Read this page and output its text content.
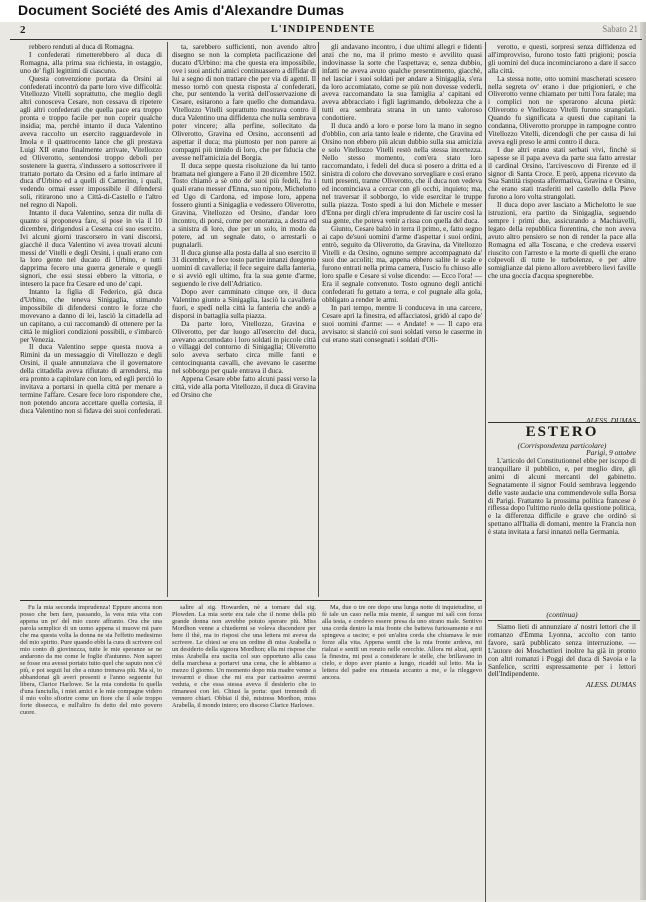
Document Société des Amis d'Alexandre Dumas
2	L'INDIPENDENTE	Sabato 21

rebbero renduti al duca di Romagna.

I confederati rimetterebbero al duca di Romagna, alla prima sua richiesta, in ostaggio, uno de' figli legittimi di ciascuno.

Questa convenzione portata da Orsini ai confederati incontrò da parte loro vive difficoltà: Vitellozzo Vitelli soprattutto, che meglio degli altri conosceva Cesare, non cessava di ripetere agli altri confederati che quella pace era troppo pronta e troppo facile per non coprir qualche insidia; ma, perchè intanto il duca Valentino aveva raccolto un esercito ragguardevole in Imola e il quattrocento lance che gli prestava Luigi XII erano finalmente arrivate, Vitellozzo ed Oliverotto, sentendosi troppo deboli per sostenere la guerra, s'indussero a sottoscrivere il trattato portato da Orsino ed a farlo intimare al duca d'Urbino ed a quelli di Camerino, i quali, vedendo ormai esser impossibile il difendersi soli, ritirarono uno a Città-di-Castello e l'altro nel regno di Napoli.

Intanto il duca Valentino, senza dir nulla di quanto si proponeva fare, si pose in via il 10 dicembre, dirigendosi a Cesena coi suo esercito. Ivi alcuni giorni trascorsero in vani discorsi, giacchè il duca Valentino vi avea trovati alcuni messi de' Vitelli e degli Orsini, i quali erano con la loro gente nel ducato di Urbino, e tutti dapprima fecero una guerra generale e quegli signori, che essi stessi ebbero la vittoria, e intesero la pace fra Cesare ed uno de' capi.

Intanto la figlia di Federico, già duca d'Urbino, che teneva Sinigaglia, stimando impossibile di difendersi contro le forze che movevano a danno di lei, lasciò la cittadella ad un capitano, a cui raccomandò di ottenere per la città le migliori condizioni possibili, e s'imbarcò per Venezia.

Il duca Valentino seppe questa nuova a Rimini da un messaggio di Vitellozzo e degli Orsini, il quale annunziava che il governatore della cittadella aveva rifiutato di arrendersi, ma era pronto a capitolare con loro, ed egli perciò lo invitava a portarsi in quella città per menare a termine l'affare. Cesare fece loro rispondere che, non potendo ancora accettare quella cortesia, il duca Valentino non si fidava dei suoi confederati.

ta, sarebbero sufficienti, non avendo altro disegno se non la completa pacificazione del ducato d'Urbino: ma che questa era impossibile, ove i suoi antichi amici continuassero a diffidar di lui a segno di non trattare che per via di agenti. Il messo tornò con questa risposta a' confederati, che, pur sentendo la verità dell'osservazione di Cesare, esitarono a fare quello che domandava. Vitellozzo Vitelli soprattutto mostrava contro il duca Valentino una diffidenza che nulla sembrava poter vincere; alla perfine, sollecitato da Oliverotto, Gravina ed Orsino, acconsentì ad aspettar il duca; ma piuttosto per non parere ai compagni più timido di loro, che per fiducia che avesse nell'amicizia del Borgia.

Il duca seppe questa risoluzione da lui tanto bramata nel giungere a Fano il 20 dicembre 1502. Tosto chiamò a sè otto de' suoi più fedeli, fra i quali erano messer d'Enna, suo nipote, Michelotto ed Ugo di Cardona, ed impose loro, appena fossero giunti a Sinigaglia e vedessero Oliverotto, Gravina, Vitellozzo ed Orsino, d'andar loro incontro, di porsi, come per onoranza, a destra ed a sinistra di loro, due per un solo, in modo da potere, ad un segnale dato, o arrestarli o pugnalarli.

Il duca giunse alla posta dalla al suo esercito il 31 dicembre, e fece tosto partire innanzi duegento uomini di cavalleria; il fece seguire dalla fanteria, e si avviò egli ultimo, fra la sua gente d'arme, seguendo le rive dell'Adriatico.

Dopo aver camminato cinque ore, il duca Valentino giunto a Sinigaglia, lasciò la cavalleria fuori, e spedì nella città la fanteria che andò a disporsi in battaglia sulla piazza.

Da parte loro, Vitellozzo, Gravina e Oliverotto, per dar luogo all'esercito del duca, avevano accomodato i loro soldati in piccole città o villaggi del contorno di Sinigaglia; Oliverotto solo aveva serbato circa mille fanti e centocinquanta cavalli, che avevano le caserme nel sobborgo per quale entrava il duca.

Appena Cesare ebbe fatto alcuni passi verso la città, vide alla porta Vitellozzo, il duca di Gravina ed Orsino che

gli andavano incontro, i due ultimi allegri e fidenti anzi che no, ma il primo mesto e avvilito quasi indovinasse la sorte che l'aspettava; e, senza dubbio, infatti ne aveva avuto qualche presentimento, giacchè, nel lasciar i suoi soldati per andare a Sinigaglia, s'era da loro accomiatato, come se più non dovesse vederli, aveva raccomandato la sua famiglia a' capitani ed aveva abbracciato i figli lagrimando, debolezza che a tutti era sembrata strana in un tanto valoroso condottiere.

Il duca andò a loro e porse loro la mano in segno d'obblio, con aria tanto leale e ridente, che Gravina ed Orsino non ebbero più alcun dubbio sulla sua amicizia e solo Vitellozzo Vitelli restò nella stessa incertezza. Nello stesso momento, com'era stato loro raccomandato, i fedeli del duca si posero a dritta ed a sinistra di coloro che dovevano sorvegliare e così erano tutti presenti, tranne Oliverotto, che il duca non vedeva ed incominciava a cercar con gli occhi, inquieto; ma, nel traversar il sobborgo, lo vide esercitar le truppe sulla piazza. Tosto spedì a lui don Michele e messer d'Enna per dirgli ch'era imprudente di far uscire così la sua gente, che poteva venir a rissa con quella del duca.

Giunto, Cesare balzò in terra il primo, e, fatto segno ai capo de'suoi uomini d'arme d'aspettar i suoi ordini, entrò, seguito da Oliverotto, da Gravina, da Vitellozzo Vitelli e da Orsino, ognuno sempre accompagnato da' suoi due accoliti; ma, appena ebbero salite le scale e furono entrati nella prima camera, l'uscio fu chiuso alle loro spalle e Cesare si volse dicendo: — Ecco l'ora! — Era il segnale convenuto. Tosto ognuno degli antichi confederati fu gettato a terra, e col pugnale alla gola, obbligato a render le armi.

In pari tempo, mentre li conduceva in una carcere, Cesare aprì la finestra, ed affacciatosi, gridò al capo de' suoi uomini d'arme: — « Andate! » — Il capo era avvisato: si slanciò coi suoi soldati verso le caserme in cui erano stati consegnati i soldati d'Oli-

verotto, e questi, sorpresi senza diffidenza ed all'improvviso, furono tosto fatti prigioni; poscia gli uomini del duca incominciarono a dare il sacco alla città.

La stessa notte, otto uomini mascherati scesero nella segreta ov' erano i due prigionieri, e che Oliverotto venne chiamato per tutti l'ora fatale; ma i complici non ne sperarono alcuna pietà: Oliverotto e Vitellozzo Vitelli furono strangolati. Quando fu significata a questi due capitani la condanna, Oliverotto proruppe in rampogne contro Vitellozzo Vitelli, dicendogli che per causa di lui aveva egli preso le armi contro il duca.

I due altri erano stati serbati vivi, finchè si sapesse se il papa aveva da parte sua fatto arrestar il cardinal Orsino, l'arcivescovo di Firenze ed il signor di Santa Croce. E però, appena ricevuto da Sua Santità risposta affermativa, Gravina e Orsino, che erano stati trasferiti nel castello della Pieve furono a loro volta strangolati.

Il duca dopo aver lasciato a Michelotto le sue istruzioni, era partito da Sinigaglia, seguendo sempre i primi due, assicurando a Machiavelli, legato della repubblica fiorentina, che non aveva avuto altro pensiero se non di render la pace alla Romagna ed alla Toscana, e che credeva esservi riuscito con l'arresto e la morte di quelli che erano colpevoli di tutte le turbolenze, e per altre somiglianze dal pieno alloro avrebbero lievi faville che una goccia d'acqua spegnerebbe.

ALESS. DUMAS
ESTERO
(Corrispondenza particolare)
Parigi, 9 ottobre

L'articolo del Constitutionnel ebbe per iscopo di tranquillare il pubblico, e, per meglio dire, gli animi di alcuni mercanti del gabinetto. Segnatamente il signor Fould sembrava leggendo delle vaste audacie una commendevole sulla Borsa di Parigi. Frattanto la prossima politica francese è riflessa dopo l'ultimo ruolo della questione politica, e la differenza difficile e grave che ordinò si spettano all'Italia di domani, mentre la Francia non è stata invitata a farsi innanzi nella Germania.

(continua)

Siamo lieti di annunziare a' nostri lettori che il romanzo d'Emma Lyonna, accolto con tanto favore, sarà pubblicato senza interruzione. — L'autore dei Moschettieri inoltre ha già in pronto con altri romanzi i Poggi del duca di Savoia e la Sanfelice, scritti espressamente per i lettori dell'Indipendente.

ALESS. DUMAS

Fu la mia seconda imprudenza! Eppure ancora non posso che ben fare, passando, la vera mia vita con appena un po' del mio cuore affranto. Ora che una parola semplice di un uomo appena si muove mi pare che ma questa volta la donna ne sia l'effetto medesimo del mio spirito. Pure quando ebbi la cura di scrivere col mio conto di giovinezza, tutte le mie speranze se ne andarono da me come le foglie d'autunno. Non saprei se fosse ora avessi portato tutto quel che saputo non c'è più, e poi seguii lui che a niuno tremava più. Ma sì, io abbandonai gli averi presenti e l'anno seguente fui libera, Clarice Harlowe. Se la mia condotta fu quella d'una fanciulla, i miei amici e le mie compagne videro il mio volto sfiorire come un fiore che il sole troppo forte dissecca, e null'altro fu detto del mio povero cuore.

salire al sig. Howarden, nè a tornare dal sig. Plowden. La mia sorte era tale che il nome della più grande donna non avrebbe potuto sperare più. Miss Mordhon venne a chiedermi se voleva discendere per bere il thè, ma io risposi che una lettera mi aveva da scrivere. Le chiesi se era un ordine di miss Arabella o un desiderio della signora Mordhon; ella mi rispose che miss Arabella era uscita col suo opportuno alla casa della marchesa a portarvi una cena, che le abbiamo a mezzo il giorno. Un momento dopo mia madre venne a trovarmi e disse che mi era pur carissimo avermi veduta, e che essa stessa aveva il desiderio che io rimanessi con lei. Chiusi la porta: quei tremendi dì vennero chiari. Obbiai il thè, mistress Morthon, miss Arabella, il mondo intero; ero disceso Clarice Harlowe.

Ma, due o tre ore dopo una lunga notte di inquietudine, si fè tale un caso nella mia mente, il sangue mi salì con forza alla testa, e credevo essere presa da uno strano male. Sentivo una corda dentro la mia fronte che batteva furiosamente e mi spingeva a uscire; e poi un'altra corda che chiamava le mie forze alla vita. Appena sentii che la mia fronte ardeva, mi rialzai e sentii un ronzio nelle orecchie. Allora mi alzai, aprii la finestra, mi posi a considerare le stelle, che brillavano in cielo, e dopo aver pianto a lungo, ricaddi sul letto. Ma la lettera del padre era rimasta accanto a me, e la rileggevo ancora.
